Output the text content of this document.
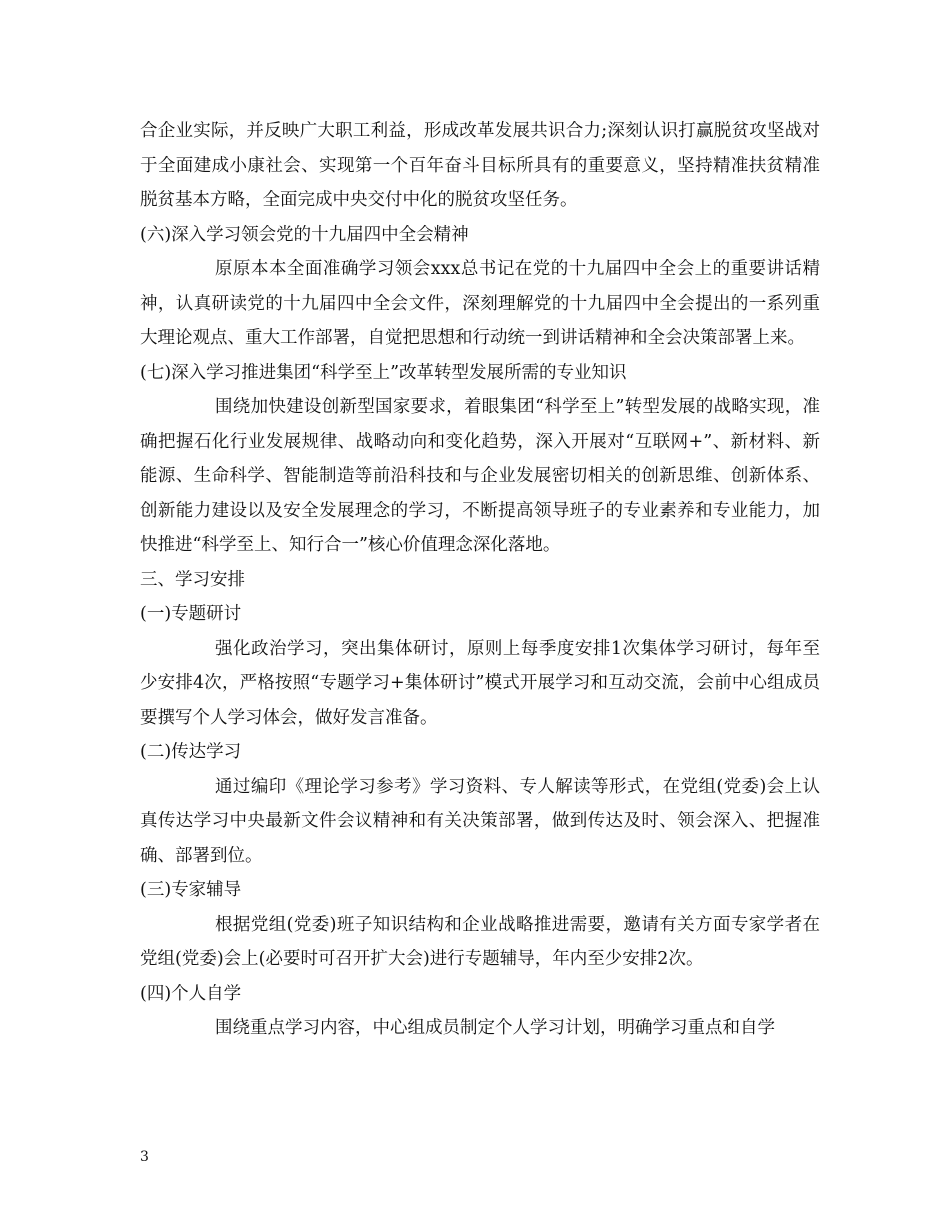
合企业实际，并反映广大职工利益，形成改革发展共识合力;深刻认识打赢脱贫攻坚战对于全面建成小康社会、实现第一个百年奋斗目标所具有的重要意义，坚持精准扶贫精准脱贫基本方略，全面完成中央交付中化的脱贫攻坚任务。

(六)深入学习领会党的十九届四中全会精神

原原本本全面准确学习领会xxx总书记在党的十九届四中全会上的重要讲话精神，认真研读党的十九届四中全会文件，深刻理解党的十九届四中全会提出的一系列重大理论观点、重大工作部署，自觉把思想和行动统一到讲话精神和全会决策部署上来。

(七)深入学习推进集团“科学至上”改革转型发展所需的专业知识

围绕加快建设创新型国家要求，着眼集团“科学至上”转型发展的战略实现，准确把握石化行业发展规律、战略动向和变化趋势，深入开展对“互联网+”、新材料、新能源、生命科学、智能制造等前沿科技和与企业发展密切相关的创新思维、创新体系、创新能力建设以及安全发展理念的学习，不断提高领导班子的专业素养和专业能力，加快推进“科学至上、知行合一”核心价值理念深化落地。

三、学习安排

(一)专题研讨

强化政治学习，突出集体研讨，原则上每季度安排1次集体学习研讨，每年至少安排4次，严格按照“专题学习+集体研讨”模式开展学习和互动交流，会前中心组成员要撰写个人学习体会，做好发言准备。

(二)传达学习

通过编印《理论学习参考》学习资料、专人解读等形式，在党组(党委)会上认真传达学习中央最新文件会议精神和有关决策部署，做到传达及时、领会深入、把握准确、部署到位。

(三)专家辅导

根据党组(党委)班子知识结构和企业战略推进需要，邀请有关方面专家学者在党组(党委)会上(必要时可召开扩大会)进行专题辅导，年内至少安排2次。

(四)个人自学

围绕重点学习内容，中心组成员制定个人学习计划，明确学习重点和自学

3
